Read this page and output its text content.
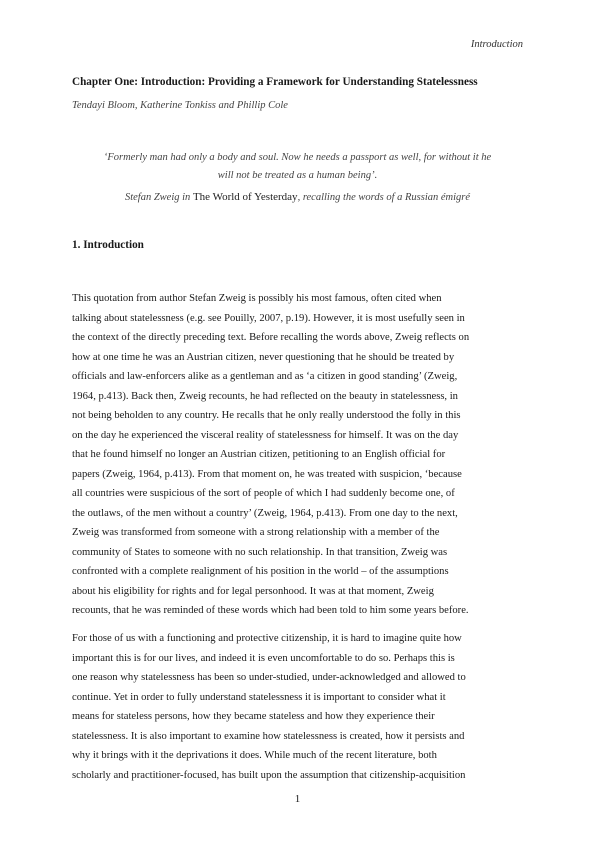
Introduction
Chapter One: Introduction: Providing a Framework for Understanding Statelessness
Tendayi Bloom, Katherine Tonkiss and Phillip Cole
‘Formerly man had only a body and soul. Now he needs a passport as well, for without it he
will not be treated as a human being’.
Stefan Zweig in The World of Yesterday, recalling the words of a Russian émigré
1. Introduction
This quotation from author Stefan Zweig is possibly his most famous, often cited when
talking about statelessness (e.g. see Pouilly, 2007, p.19). However, it is most usefully seen in
the context of the directly preceding text. Before recalling the words above, Zweig reflects on
how at one time he was an Austrian citizen, never questioning that he should be treated by
officials and law-enforcers alike as a gentleman and as ‘a citizen in good standing’ (Zweig,
1964, p.413). Back then, Zweig recounts, he had reflected on the beauty in statelessness, in
not being beholden to any country. He recalls that he only really understood the folly in this
on the day he experienced the visceral reality of statelessness for himself. It was on the day
that he found himself no longer an Austrian citizen, petitioning to an English official for
papers (Zweig, 1964, p.413). From that moment on, he was treated with suspicion, ‘because
all countries were suspicious of the sort of people of which I had suddenly become one, of
the outlaws, of the men without a country’ (Zweig, 1964, p.413). From one day to the next,
Zweig was transformed from someone with a strong relationship with a member of the
community of States to someone with no such relationship. In that transition, Zweig was
confronted with a complete realignment of his position in the world – of the assumptions
about his eligibility for rights and for legal personhood. It was at that moment, Zweig
recounts, that he was reminded of these words which had been told to him some years before.
For those of us with a functioning and protective citizenship, it is hard to imagine quite how
important this is for our lives, and indeed it is even uncomfortable to do so. Perhaps this is
one reason why statelessness has been so under-studied, under-acknowledged and allowed to
continue. Yet in order to fully understand statelessness it is important to consider what it
means for stateless persons, how they became stateless and how they experience their
statelessness. It is also important to examine how statelessness is created, how it persists and
why it brings with it the deprivations it does. While much of the recent literature, both
scholarly and practitioner-focused, has built upon the assumption that citizenship-acquisition
1
